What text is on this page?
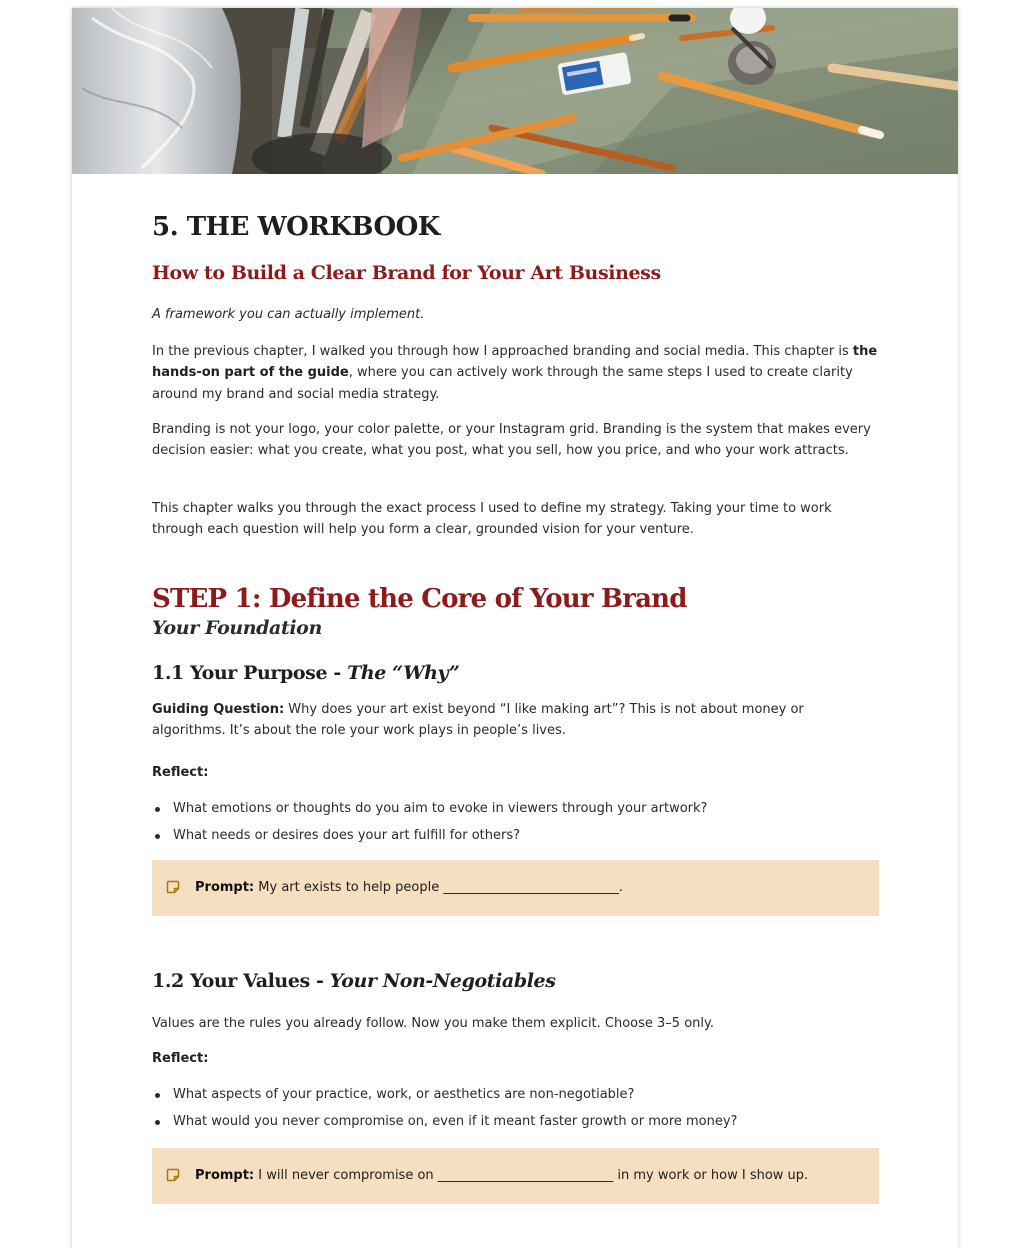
5. THE WORKBOOK
How to Build a Clear Brand for Your Art Business

A framework you can actually implement.

In the previous chapter, I walked you through how I approached branding and social media. This chapter is the hands-on part of the guide, where you can actively work through the same steps I used to create clarity around my brand and social media strategy.

Branding is not your logo, your color palette, or your Instagram grid. Branding is the system that makes every decision easier: what you create, what you post, what you sell, how you price, and who your work attracts.

This chapter walks you through the exact process I used to define my strategy. Taking your time to work through each question will help you form a clear, grounded vision for your venture.

STEP 1: Define the Core of Your Brand
Your Foundation
1.1 Your Purpose - The “Why”

Guiding Question: Why does your art exist beyond “I like making art”? This is not about money or algorithms. It’s about the role your work plays in people’s lives.

Reflect:
What emotions or thoughts do you aim to evoke in viewers through your artwork?
What needs or desires does your art fulfill for others?
Prompt: My art exists to help people ___________________________.
1.2 Your Values - Your Non-Negotiables

Values are the rules you already follow. Now you make them explicit. Choose 3–5 only.

Reflect:
What aspects of your practice, work, or aesthetics are non-negotiable?
What would you never compromise on, even if it meant faster growth or more money?
Prompt: I will never compromise on ___________________________ in my work or how I show up.
